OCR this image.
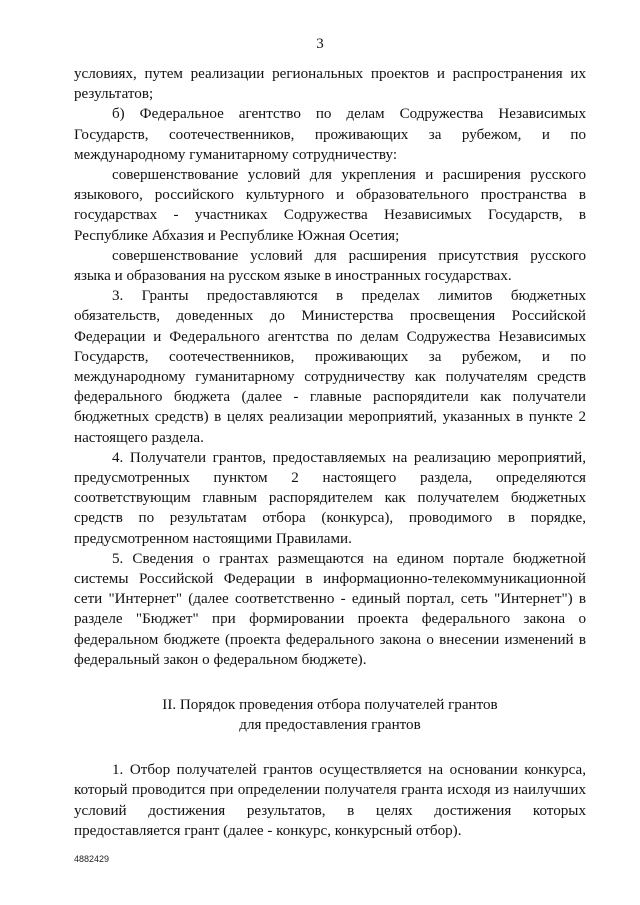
3

условиях, путем реализации региональных проектов и распространения их результатов;

б) Федеральное агентство по делам Содружества Независимых Государств, соотечественников, проживающих за рубежом, и по международному гуманитарному сотрудничеству:

совершенствование условий для укрепления и расширения русского языкового, российского культурного и образовательного пространства в государствах - участниках Содружества Независимых Государств, в Республике Абхазия и Республике Южная Осетия;

совершенствование условий для расширения присутствия русского языка и образования на русском языке в иностранных государствах.

3. Гранты предоставляются в пределах лимитов бюджетных обязательств, доведенных до Министерства просвещения Российской Федерации и Федерального агентства по делам Содружества Независимых Государств, соотечественников, проживающих за рубежом, и по международному гуманитарному сотрудничеству как получателям средств федерального бюджета (далее - главные распорядители как получатели бюджетных средств) в целях реализации мероприятий, указанных в пункте 2 настоящего раздела.

4. Получатели грантов, предоставляемых на реализацию мероприятий, предусмотренных пунктом 2 настоящего раздела, определяются соответствующим главным распорядителем как получателем бюджетных средств по результатам отбора (конкурса), проводимого в порядке, предусмотренном настоящими Правилами.

5. Сведения о грантах размещаются на едином портале бюджетной системы Российской Федерации в информационно-телекоммуникационной сети "Интернет" (далее соответственно - единый портал, сеть "Интернет") в разделе "Бюджет" при формировании проекта федерального закона о федеральном бюджете (проекта федерального закона о внесении изменений в федеральный закон о федеральном бюджете).

II. Порядок проведения отбора получателей грантов
для предоставления грантов

1. Отбор получателей грантов осуществляется на основании конкурса, который проводится при определении получателя гранта исходя из наилучших условий достижения результатов, в целях достижения которых предоставляется грант (далее - конкурс, конкурсный отбор).

4882429
